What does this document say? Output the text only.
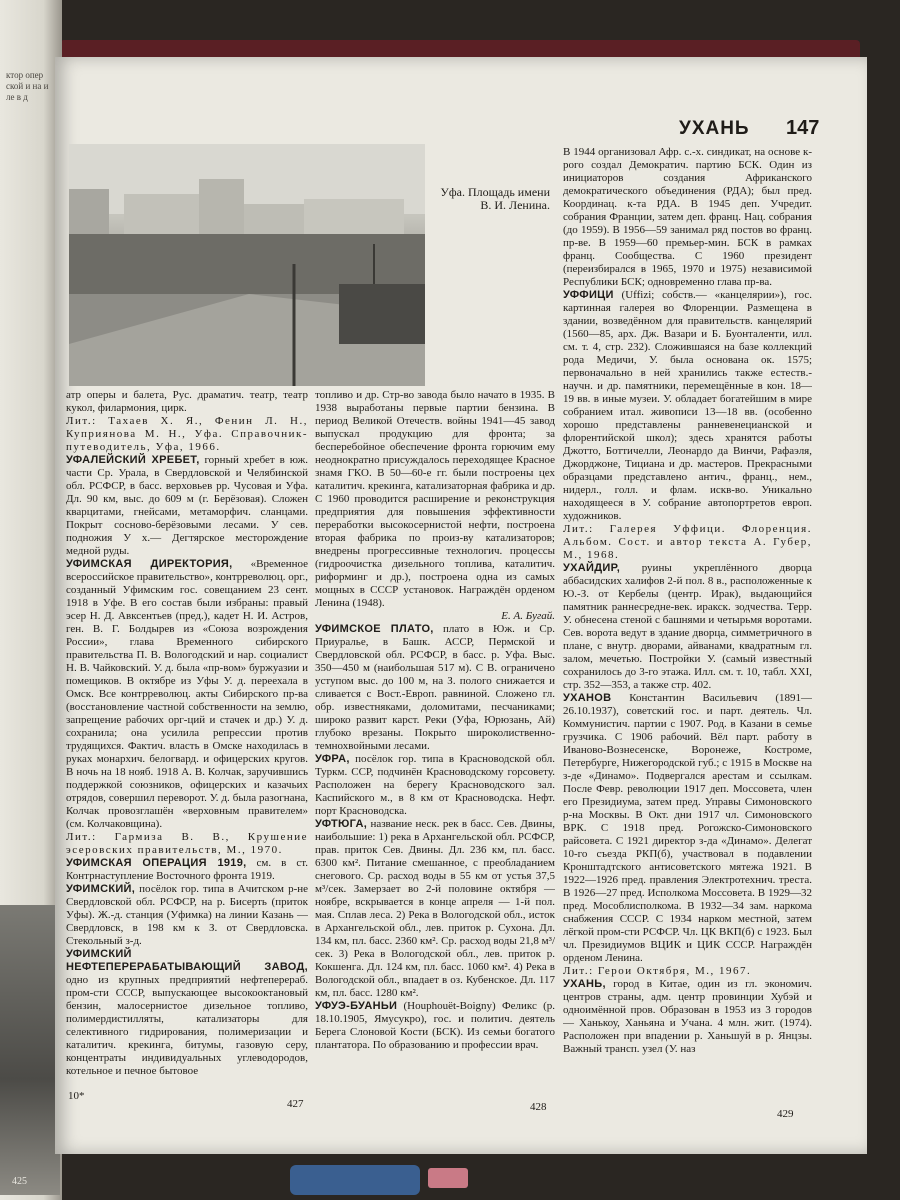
ктор опер ской и на и ле в д
425
УХАНЬ 147
Уфа. Площадь имени В. И. Ленина.

атр оперы и балета, Рус. драматич. театр, театр кукол, филармония, цирк.

Лит.: Тахаев Х. Я., Фенин Л. Н., Куприянова М. Н., Уфа. Справочник-путеводитель, Уфа, 1966.

УФАЛЕЙСКИЙ ХРЕБЕТ, горный хребет в юж. части Ср. Урала, в Свердловской и Челябинской обл. РСФСР, в басс. верховьев рр. Чусовая и Уфа. Дл. 90 км, выс. до 609 м (г. Берёзовая). Сложен кварцитами, гнейсами, метаморфич. сланцами. Покрыт сосново-берёзовыми лесами. У сев. подножия У х.— Дегтярское месторождение медной руды.

УФИМСКАЯ ДИРЕКТОРИЯ, «Временное всероссийское правительство», контрреволюц. орг., созданный Уфимским гос. совещанием 23 сент. 1918 в Уфе. В его состав были избраны: правый эсер Н. Д. Авксентьев (пред.), кадет Н. И. Астров, ген. В. Г. Болдырев из «Союза возрождения России», глава Временного сибирского правительства П. В. Вологодский и нар. социалист Н. В. Чайковский. У. д. была «пр-вом» буржуазии и помещиков. В октябре из Уфы У. д. переехала в Омск. Все контрреволюц. акты Сибирского пр-ва (восстановление частной собственности на землю, запрещение рабочих орг-ций и стачек и др.) У. д. сохранила; она усилила репрессии против трудящихся. Фактич. власть в Омске находилась в руках монархич. белогвард. и офицерских кругов. В ночь на 18 нояб. 1918 А. В. Колчак, заручившись поддержкой союзников, офицерских и казачьих отрядов, совершил переворот. У. д. была разогнана, Колчак провозглашён «верховным правителем» (см. Колчаковщина).

Лит.: Гармиза В. В., Крушение эсеровских правительств, М., 1970.

УФИМСКАЯ ОПЕРАЦИЯ 1919, см. в ст. Контрнаступление Восточного фронта 1919.

УФИМСКИЙ, посёлок гор. типа в Ачитском р-не Свердловской обл. РСФСР, на р. Бисерть (приток Уфы). Ж.-д. станция (Уфимка) на линии Казань — Свердловск, в 198 км к З. от Свердловска. Стекольный з-д.

УФИМСКИЙ НЕФТЕПЕРЕРАБАТЫВАЮЩИЙ ЗАВОД, одно из крупных предприятий нефтеперераб. пром-сти СССР, выпускающее высокооктановый бензин, малосернистое дизельное топливо, полимердистилляты, катализаторы для селективного гидрирования, полимеризации и каталитич. крекинга, битумы, газовую серу, концентраты индивидуальных углеводородов, котельное и печное бытовое

топливо и др. Стр-во завода было начато в 1935. В 1938 выработаны первые партии бензина. В период Великой Отечеств. войны 1941—45 завод выпускал продукцию для фронта; за бесперебойное обеспечение фронта горючим ему неоднократно присуждалось переходящее Красное знамя ГКО. В 50—60-е гг. были построены цех каталитич. крекинга, катализаторная фабрика и др. С 1960 проводится расширение и реконструкция предприятия для повышения эффективности переработки высокосернистой нефти, построена вторая фабрика по произ-ву катализаторов; внедрены прогрессивные технологич. процессы (гидроочистка дизельного топлива, каталитич. риформинг и др.), построена одна из самых мощных в СССР установок. Награждён орденом Ленина (1948).

Е. А. Бугай.

УФИМСКОЕ ПЛАТО, плато в Юж. и Ср. Приуралье, в Башк. АССР, Пермской и Свердловской обл. РСФСР, в басс. р. Уфа. Выс. 350—450 м (наибольшая 517 м). С В. ограничено уступом выс. до 100 м, на З. полого снижается и сливается с Вост.-Европ. равниной. Сложено гл. обр. известняками, доломитами, песчаниками; широко развит карст. Реки (Уфа, Юрюзань, Ай) глубоко врезаны. Покрыто широколиственно-темнохвойными лесами.

УФРА, посёлок гор. типа в Красноводской обл. Туркм. ССР, подчинён Красноводскому горсовету. Расположен на берегу Красноводского зал. Каспийского м., в 8 км от Красноводска. Нефт. порт Красноводска.

УФТЮГА, название неск. рек в басс. Сев. Двины, наибольшие: 1) река в Архангельской обл. РСФСР, прав. приток Сев. Двины. Дл. 236 км, пл. басс. 6300 км². Питание смешанное, с преобладанием снегового. Ср. расход воды в 55 км от устья 37,5 м³/сек. Замерзает во 2-й половине октября — ноябре, вскрывается в конце апреля — 1-й пол. мая. Сплав леса. 2) Река в Вологодской обл., исток в Архангельской обл., лев. приток р. Сухона. Дл. 134 км, пл. басс. 2360 км². Ср. расход воды 21,8 м³/сек. 3) Река в Вологодской обл., лев. приток р. Кокшенга. Дл. 124 км, пл. басс. 1060 км². 4) Река в Вологодской обл., впадает в оз. Кубенское. Дл. 117 км, пл. басс. 1280 км².

УФУЭ-БУАНЬИ (Houphouët-Boigny) Феликс (р. 18.10.1905, Ямусукро), гос. и политич. деятель Берега Слоновой Кости (БСК). Из семьи богатого плантатора. По образованию и профессии врач.

В 1944 организовал Афр. с.-х. синдикат, на основе к-рого создал Демократич. партию БСК. Один из инициаторов создания Африканского демократического объединения (РДА); был пред. Координац. к-та РДА. В 1945 деп. Учредит. собрания Франции, затем деп. франц. Нац. собрания (до 1959). В 1956—59 занимал ряд постов во франц. пр-ве. В 1959—60 премьер-мин. БСК в рамках франц. Сообщества. С 1960 президент (переизбирался в 1965, 1970 и 1975) независимой Республики БСК; одновременно глава пр-ва.

УФФИЦИ (Uffizi; собств.— «канцелярии»), гос. картинная галерея во Флоренции. Размещена в здании, возведённом для правительств. канцелярий (1560—85, арх. Дж. Вазари и Б. Буонталенти, илл. см. т. 4, стр. 232). Сложившаяся на базе коллекций рода Медичи, У. была основана ок. 1575; первоначально в ней хранились также естеств.-научн. и др. памятники, перемещённые в кон. 18—19 вв. в иные музеи. У. обладает богатейшим в мире собранием итал. живописи 13—18 вв. (особенно хорошо представлены ранневенецианской и флорентийской школ); здесь хранятся работы Джотто, Боттичелли, Леонардо да Винчи, Рафаэля, Джорджоне, Тициана и др. мастеров. Прекрасными образцами представлено антич., франц., нем., нидерл., голл. и флам. искв-во. Уникально находящееся в У. собрание автопортретов европ. художников.

Лит.: Галерея Уффици. Флоренция. Альбом. Сост. и автор текста А. Губер, М., 1968.

УХАЙДИР, руины укреплённого дворца аббасидских халифов 2-й пол. 8 в., расположенные к Ю.-З. от Кербелы (центр. Ирак), выдающийся памятник раннесредне-век. иракск. зодчества. Терр. У. обнесена стеной с башнями и четырьмя воротами. Сев. ворота ведут в здание дворца, симметричного в плане, с внутр. дворами, айванами, квадратным гл. залом, мечетью. Постройки У. (самый известный сохранилось до 3-го этажа. Илл. см. т. 10, табл. XXI, стр. 352—353, а также стр. 402.

УХАНОВ Константин Васильевич (1891—26.10.1937), советский гос. и парт. деятель. Чл. Коммунистич. партии с 1907. Род. в Казани в семье грузчика. С 1906 рабочий. Вёл парт. работу в Иваново-Вознесенске, Воронеже, Костроме, Петербурге, Нижегородской губ.; с 1915 в Москве на з-де «Динамо». Подвергался арестам и ссылкам. После Февр. революции 1917 деп. Моссовета, член его Президиума, затем пред. Управы Симоновского р-на Москвы. В Окт. дни 1917 чл. Симоновского ВРК. С 1918 пред. Рогожско-Симоновского райсовета. С 1921 директор з-да «Динамо». Делегат 10-го съезда РКП(б), участвовал в подавлении Кронштадтского антисоветского мятежа 1921. В 1922—1926 пред. правления Электротехнич. треста. В 1926—27 пред. Исполкома Моссовета. В 1929—32 пред. Мособлисполкома. В 1932—34 зам. наркома снабжения СССР. С 1934 нарком местной, затем лёгкой пром-сти РСФСР. Чл. ЦК ВКП(б) с 1923. Был чл. Президиумов ВЦИК и ЦИК СССР. Награждён орденом Ленина.

Лит.: Герои Октября, М., 1967.

УХАНЬ, город в Китае, один из гл. экономич. центров страны, адм. центр провинции Хубэй и одноимённой пров. Образован в 1953 из 3 городов — Ханькоу, Ханьяна и Учана. 4 млн. жит. (1974). Расположен при впадении р. Ханьшуй в р. Янцзы. Важный трансп. узел (У. наз

10*
427	428
429
